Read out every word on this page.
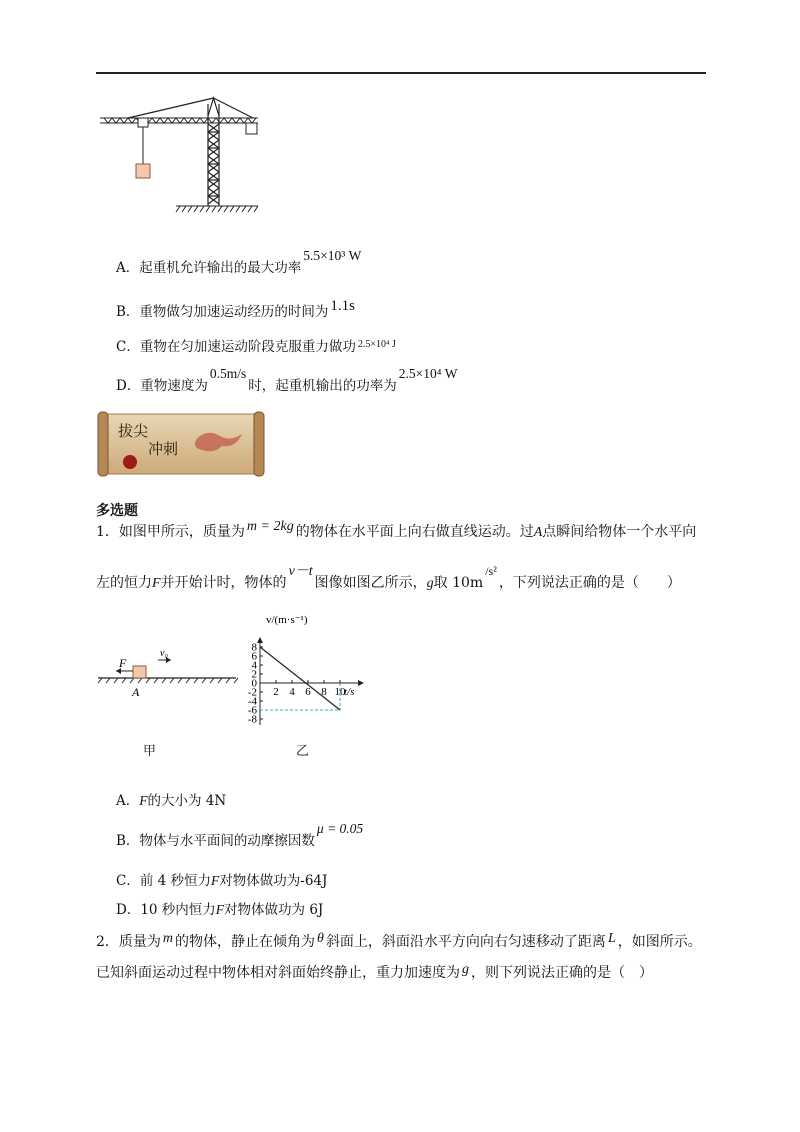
A．起重机允许输出的最大功率5.5×10³ W
B．重物做匀加速运动经历的时间为 1.1s
C．重物在匀加速运动阶段克服重力做功 $^{2.5\times 10^4 J}$
D．重物速度为0.5m/s时，起重机输出的功率为2.5×10⁴ W
拔尖
冲刺
多选题
1．如图甲所示，质量为 m = 2kg 的物体在水平面上向右做直线运动。过A点瞬间给物体一个水平向
左的恒力F并开始计时，物体的v－t图像如图乙所示，g取 10m/s²，下列说法正确的是（　　）
F
v₀
A
甲
8
6
4
2
0
-2
-4
-6
-8
2 4 6 8 10
v/(m·s⁻¹)
t/s
乙
A．F的大小为 4N
B．物体与水平面间的动摩擦因数μ = 0.05
C．前 4 秒恒力F对物体做功为-64J
D．10 秒内恒力F对物体做功为 6J
2．质量为 m 的物体，静止在倾角为 θ 斜面上，斜面沿水平方向向右匀速移动了距离 L ，如图所示。
已知斜面运动过程中物体相对斜面始终静止，重力加速度为 g ，则下列说法正确的是（　）
